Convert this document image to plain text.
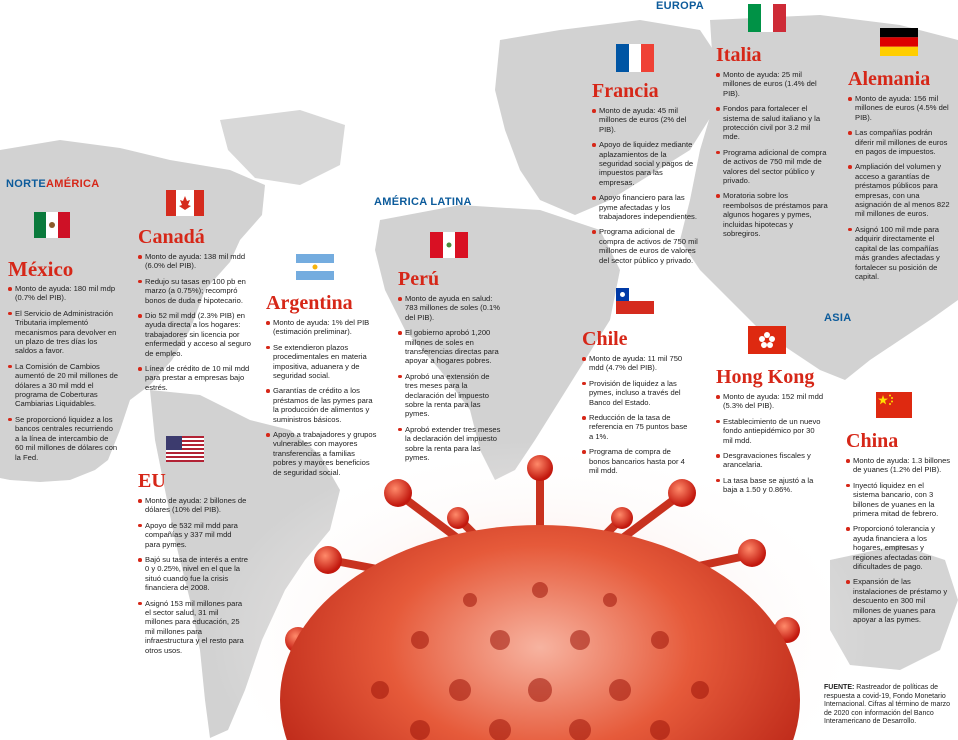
NORTEAMÉRICA
AMÉRICA LATINA
EUROPA
ASIA
México
Monto de ayuda: 180 mil mdp (0.7% del PIB).
El Servicio de Administración Tributaria implementó mecanismos para devolver en un plazo de tres días los saldos a favor.
La Comisión de Cambios aumentó de 20 mil millones de dólares a 30 mil mdd el programa de Coberturas Cambiarias Liquidables.
Se proporcionó liquidez a los bancos centrales recurriendo a la línea de intercambio de 60 mil millones de dólares con la Fed.
Canadá
Monto de ayuda: 138 mil mdd (6.0% del PIB).
Redujo su tasas en 100 pb en marzo (a 0.75%); recompró bonos de duda e hipotecario.
Dio 52 mil mdd (2.3% PIB) en ayuda directa a los hogares: trabajadores sin licencia por enfermedad y acceso al seguro de empleo.
Línea de crédito de 10 mil mdd para prestar a empresas bajo estrés.
EU
Monto de ayuda: 2 billones de dólares (10% del PIB).
Apoyo de 532 mil mdd para compañías y 337 mil mdd para pymes.
Bajó su tasa de interés a entre 0 y 0.25%, nivel en el que la situó cuando fue la crisis financiera de 2008.
Asignó 153 mil millones para el sector salud, 31 mil millones para educación, 25 mil millones para infraestructura y el resto para otros usos.
Argentina
Monto de ayuda: 1% del PIB (estimación preliminar).
Se extendieron plazos procedimentales en materia impositiva, aduanera y de seguridad social.
Garantías de crédito a los préstamos de las pymes para la producción de alimentos y suministros básicos.
Apoyo a trabajadores y grupos vulnerables con mayores transferencias a familias pobres y mayores beneficios de seguridad social.
Perú
Monto de ayuda en salud: 783 millones de soles (0.1% del PIB).
El gobierno aprobó 1,200 millones de soles en transferencias directas para apoyar a hogares pobres.
Aprobó una extensión de tres meses para la declaración del impuesto sobre la renta para las pymes.
Aprobó extender tres meses la declaración del impuesto sobre la renta para las pymes.
Chile
Monto de ayuda: 11 mil 750 mdd (4.7% del PIB).
Provisión de liquidez a las pymes, incluso a través del Banco del Estado.
Reducción de la tasa de referencia en 75 puntos base a 1%.
Programa de compra de bonos bancarios hasta por 4 mil mdd.
Francia
Monto de ayuda: 45 mil millones de euros (2% del PIB).
Apoyo de liquidez mediante aplazamientos de la seguridad social y pagos de impuestos para las empresas.
Apoyo financiero para las pyme afectadas y los trabajadores independientes.
Programa adicional de compra de activos de 750 mil millones de euros de valores del sector público y privado.
Italia
Monto de ayuda: 25 mil millones de euros (1.4% del PIB).
Fondos para fortalecer el sistema de salud italiano y la protección civil por 3.2 mil mde.
Programa adicional de compra de activos de 750 mil mde de valores del sector público y privado.
Moratoria sobre los reembolsos de préstamos para algunos hogares y pymes, incluidas hipotecas y sobregiros.
Alemania
Monto de ayuda: 156 mil millones de euros (4.5% del PIB).
Las compañías podrán diferir mil millones de euros en pagos de impuestos.
Ampliación del volumen y acceso a garantías de préstamos públicos para empresas, con una asignación de al menos 822 mil millones de euros.
Asignó 100 mil mde para adquirir directamente el capital de las compañías más grandes afectadas y fortalecer su posición de capital.
Hong Kong
Monto de ayuda: 152 mil mdd (5.3% del PIB).
Establecimiento de un nuevo fondo antiepidémico por 30 mil mdd.
Desgravaciones fiscales y arancelaria.
La tasa base se ajustó a la baja a 1.50 y 0.86%.
China
Monto de ayuda: 1.3 billones de yuanes (1.2% del PIB).
Inyectó liquidez en el sistema bancario, con 3 billones de yuanes en la primera mitad de febrero.
Proporcionó tolerancia y ayuda financiera a los hogares, empresas y regiones afectadas con dificultades de pago.
Expansión de las instalaciones de préstamo y descuento en 300 mil millones de yuanes para apoyar a las pymes.
FUENTE: Rastreador de políticas de respuesta a covid-19, Fondo Monetario Internacional. Cifras al término de marzo de 2020 con información del Banco Interamericano de Desarrollo.
